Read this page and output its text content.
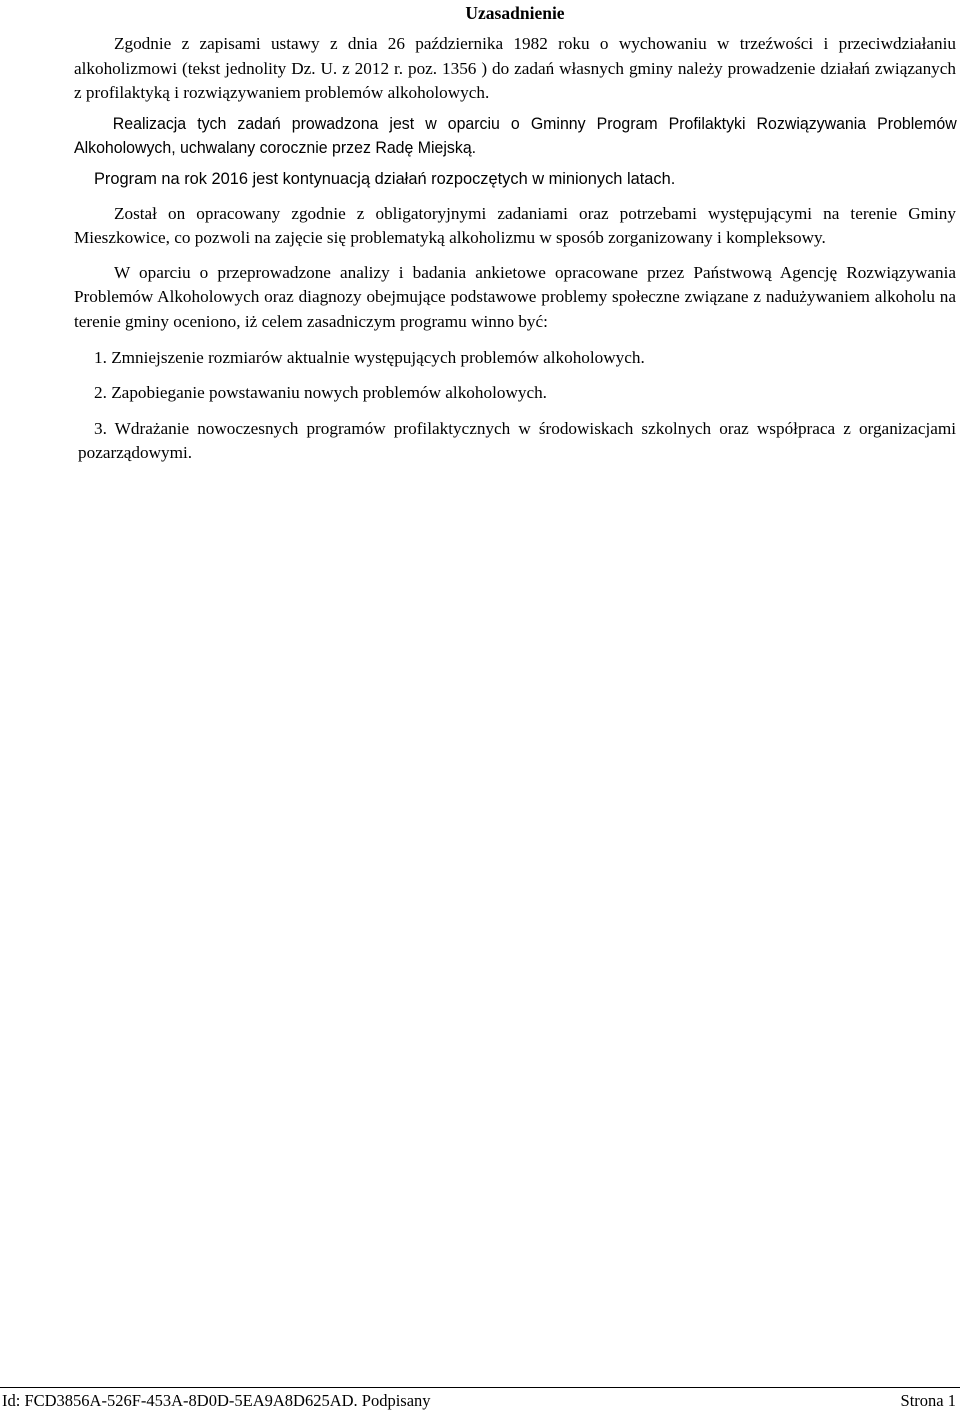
Uzasadnienie

Zgodnie z zapisami ustawy z dnia 26 października 1982 roku o wychowaniu w trzeźwości i przeciwdziałaniu alkoholizmowi (tekst jednolity Dz. U. z 2012 r. poz. 1356 ) do zadań własnych gminy należy prowadzenie działań związanych z profilaktyką i rozwiązywaniem problemów alkoholowych.

Realizacja tych zadań prowadzona jest w oparciu o Gminny Program Profilaktyki Rozwiązywania Problemów Alkoholowych, uchwalany corocznie przez Radę Miejską.

Program na rok 2016 jest kontynuacją działań rozpoczętych w minionych latach.

Został on opracowany zgodnie z obligatoryjnymi zadaniami oraz potrzebami występującymi na terenie Gminy Mieszkowice, co pozwoli na zajęcie się problematyką alkoholizmu w sposób zorganizowany i kompleksowy.

W oparciu o przeprowadzone analizy i badania ankietowe opracowane przez Państwową Agencję Rozwiązywania Problemów Alkoholowych oraz diagnozy obejmujące podstawowe problemy społeczne związane z nadużywaniem alkoholu na terenie gminy oceniono, iż celem zasadniczym programu winno być:

1. Zmniejszenie rozmiarów aktualnie występujących problemów alkoholowych.
2. Zapobieganie powstawaniu nowych problemów alkoholowych.
3. Wdrażanie nowoczesnych programów profilaktycznych w środowiskach szkolnych oraz współpraca z organizacjami pozarządowymi.
Id: FCD3856A-526F-453A-8D0D-5EA9A8D625AD. Podpisany	Strona 1
